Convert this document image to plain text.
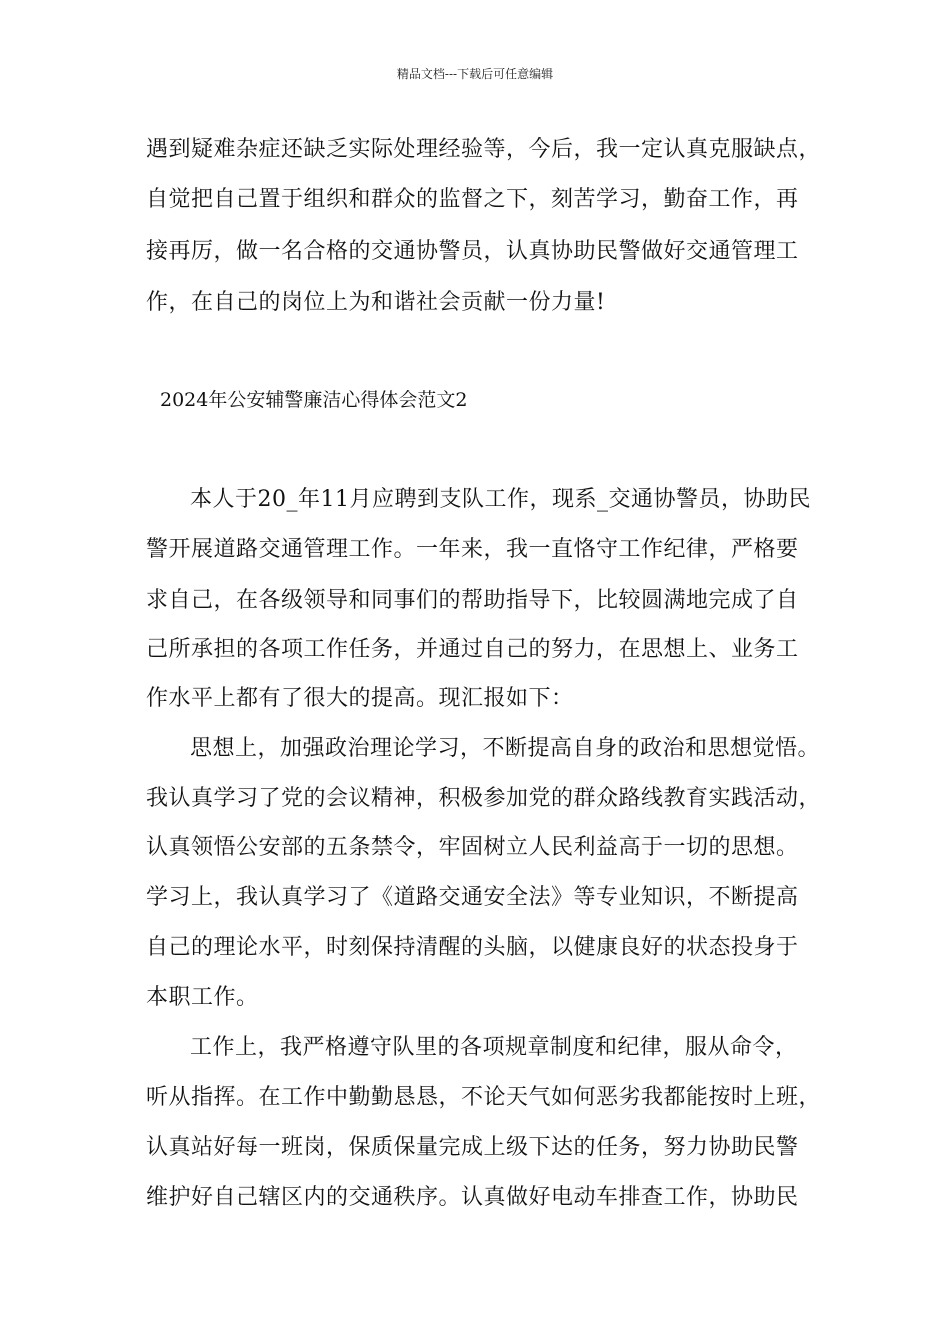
精品文档---下载后可任意编辑
遇到疑难杂症还缺乏实际处理经验等，今后，我一定认真克服缺点，
自觉把自己置于组织和群众的监督之下，刻苦学习，勤奋工作，再
接再厉，做一名合格的交通协警员，认真协助民警做好交通管理工
作，在自己的岗位上为和谐社会贡献一份力量!
2024年公安辅警廉洁心得体会范文2
本人于20_年11月应聘到支队工作，现系_交通协警员，协助民
警开展道路交通管理工作。一年来，我一直恪守工作纪律，严格要
求自己，在各级领导和同事们的帮助指导下，比较圆满地完成了自
己所承担的各项工作任务，并通过自己的努力，在思想上、业务工
作水平上都有了很大的提高。现汇报如下：
思想上，加强政治理论学习，不断提高自身的政治和思想觉悟。
我认真学习了党的会议精神，积极参加党的群众路线教育实践活动，
认真领悟公安部的五条禁令，牢固树立人民利益高于一切的思想。
学习上，我认真学习了《道路交通安全法》等专业知识，不断提高
自己的理论水平，时刻保持清醒的头脑，以健康良好的状态投身于
本职工作。
工作上，我严格遵守队里的各项规章制度和纪律，服从命令，
听从指挥。在工作中勤勤恳恳，不论天气如何恶劣我都能按时上班，
认真站好每一班岗，保质保量完成上级下达的任务，努力协助民警
维护好自己辖区内的交通秩序。认真做好电动车排查工作，协助民
